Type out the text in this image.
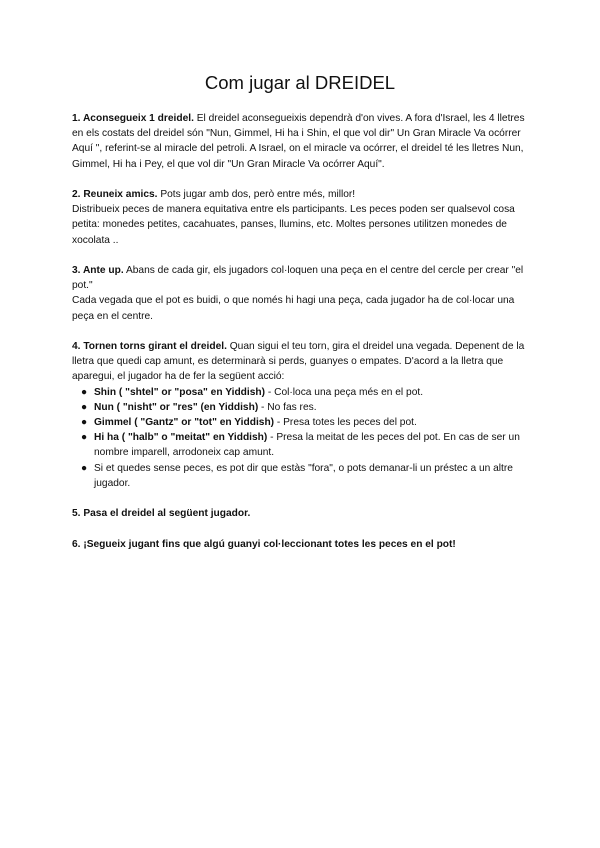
Com jugar al DREIDEL

1. Aconsegueix 1 dreidel. El dreidel aconsegueixis dependrà d'on vives. A fora d'Israel, les 4 lletres en els costats del dreidel són "Nun, Gimmel, Hi ha i Shin, el que vol dir" Un Gran Miracle Va ocórrer Aquí ", referint-se al miracle del petroli. A Israel, on el miracle va ocórrer, el dreidel té les lletres Nun, Gimmel, Hi ha i Pey, el que vol dir "Un Gran Miracle Va ocórrer Aquí".

2. Reuneix amics. Pots jugar amb dos, però entre més, millor!

Distribueix peces de manera equitativa entre els participants. Les peces poden ser qualsevol cosa petita: monedes petites, cacahuates, panses, llumins, etc. Moltes persones utilitzen monedes de xocolata ..

3. Ante up. Abans de cada gir, els jugadors col·loquen una peça en el centre del cercle per crear "el pot."

Cada vegada que el pot es buidi, o que només hi hagi una peça, cada jugador ha de col·locar una peça en el centre.

4. Tornen torns girant el dreidel. Quan sigui el teu torn, gira el dreidel una vegada. Depenent de la lletra que quedi cap amunt, es determinarà si perds, guanyes o empates. D'acord a la lletra que aparegui, el jugador ha de fer la següent acció:

● Shin ( "shtel" or "posa" en Yiddish) - Col·loca una peça més en el pot.
● Nun ( "nisht" or "res" (en Yiddish) - No fas res.
● Gimmel ( "Gantz" or "tot" en Yiddish) - Presa totes les peces del pot.
● Hi ha ( "halb" o "meitat" en Yiddish) - Presa la meitat de les peces del pot. En cas de ser un nombre imparell, arrodoneix cap amunt.
● Si et quedes sense peces, es pot dir que estàs "fora", o pots demanar-li un préstec a un altre jugador.

5. Pasa el dreidel al següent jugador.

6. ¡Segueix jugant fins que algú guanyi col·leccionant totes les peces en el pot!
